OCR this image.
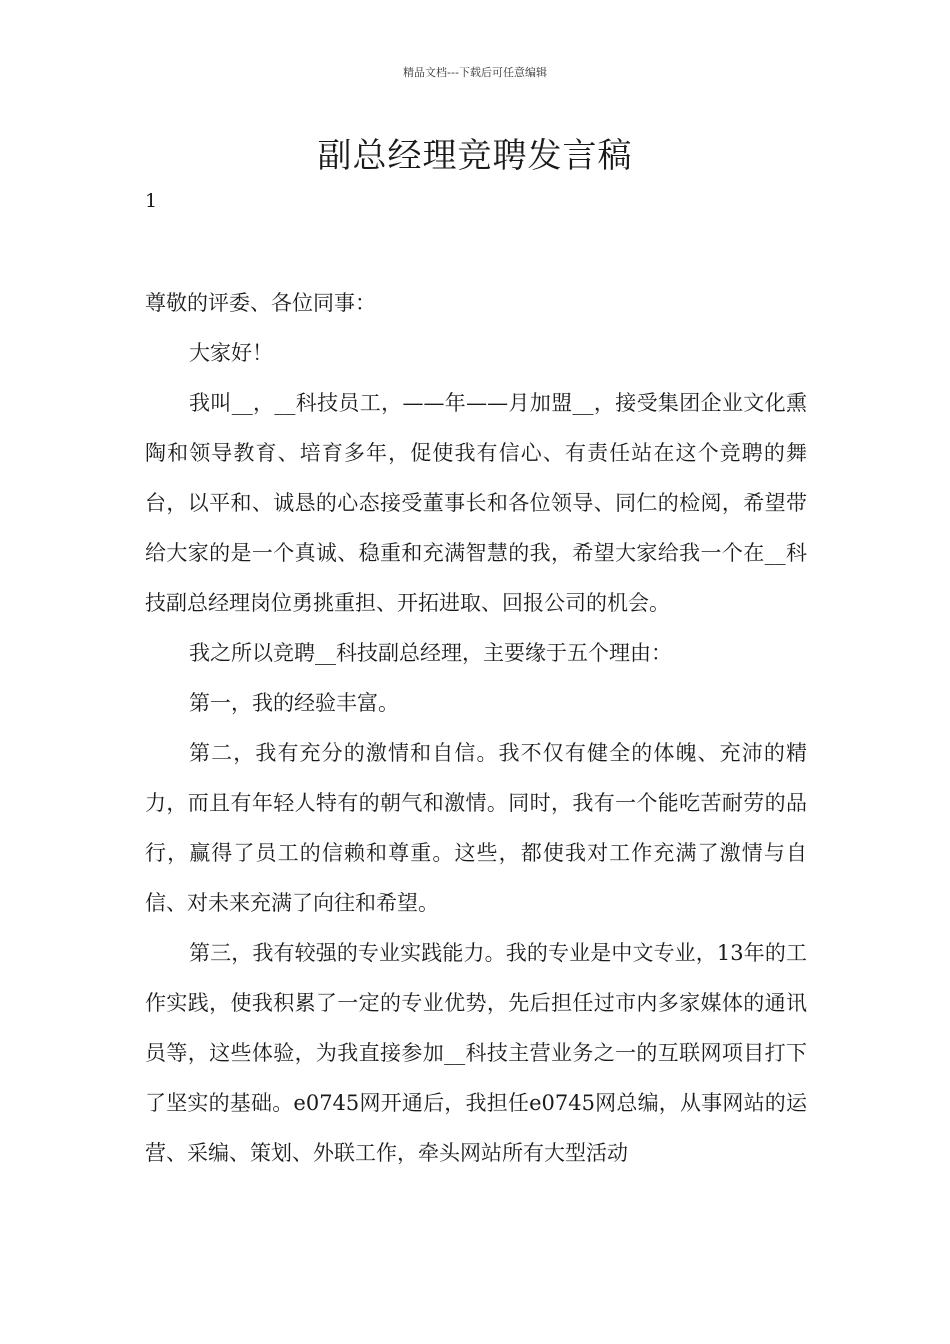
精品文档---下载后可任意编辑
副总经理竞聘发言稿
1

尊敬的评委、各位同事：

大家好！

我叫__，__科技员工，——年——月加盟__，接受集团企业文化熏陶和领导教育、培育多年，促使我有信心、有责任站在这个竞聘的舞台，以平和、诚恳的心态接受董事长和各位领导、同仁的检阅，希望带给大家的是一个真诚、稳重和充满智慧的我，希望大家给我一个在__科技副总经理岗位勇挑重担、开拓进取、回报公司的机会。

我之所以竞聘__科技副总经理，主要缘于五个理由：

第一，我的经验丰富。

第二，我有充分的激情和自信。我不仅有健全的体魄、充沛的精力，而且有年轻人特有的朝气和激情。同时，我有一个能吃苦耐劳的品行，赢得了员工的信赖和尊重。这些，都使我对工作充满了激情与自信、对未来充满了向往和希望。

第三，我有较强的专业实践能力。我的专业是中文专业，13年的工作实践，使我积累了一定的专业优势，先后担任过市内多家媒体的通讯员等，这些体验，为我直接参加__科技主营业务之一的互联网项目打下了坚实的基础。e0745网开通后，我担任e0745网总编，从事网站的运营、采编、策划、外联工作，牵头网站所有大型活动
